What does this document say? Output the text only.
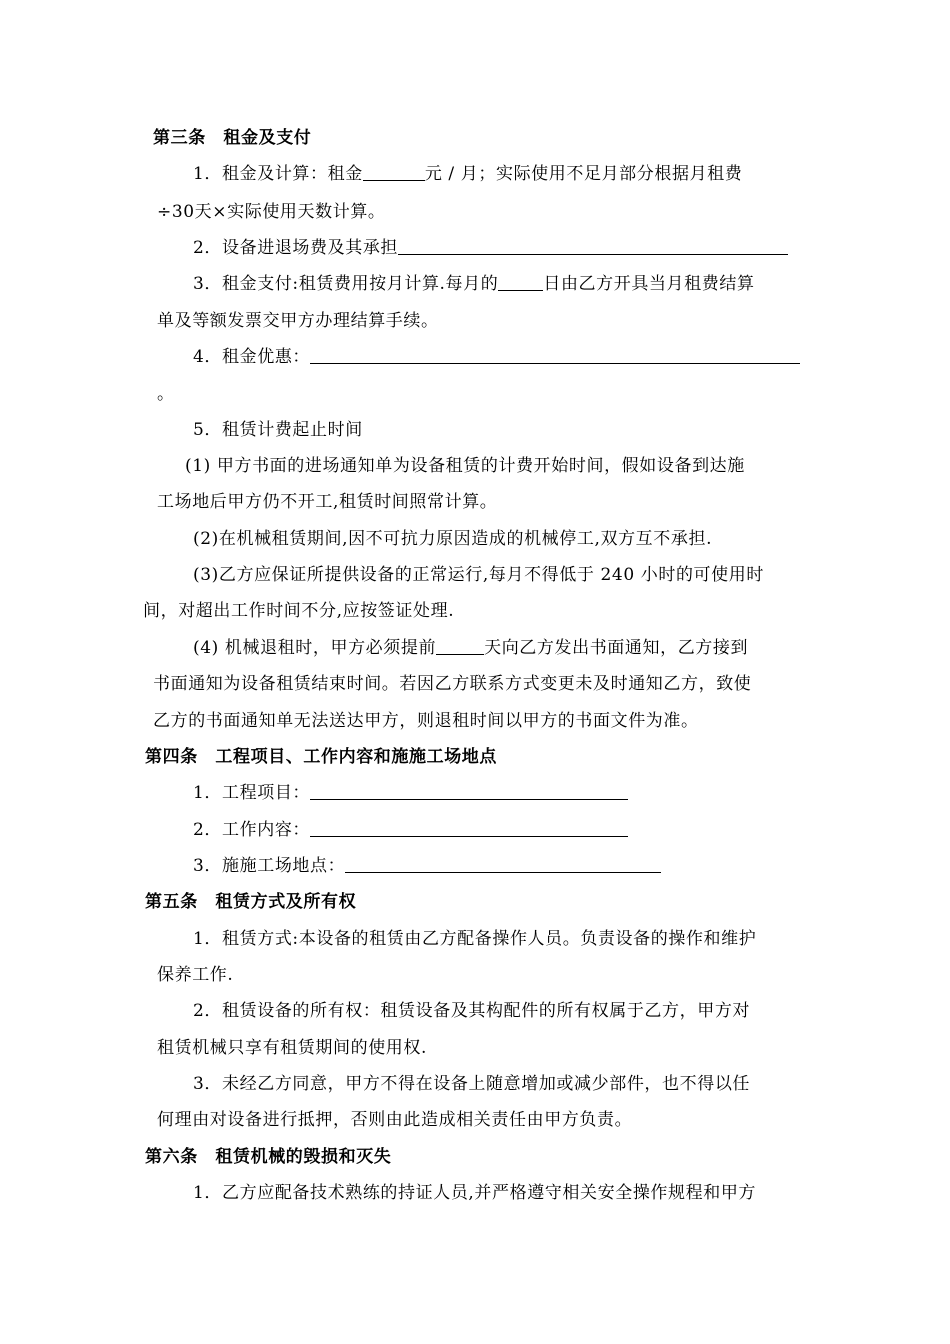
第三条　租金及支付
1．租金及计算：租金	元 / 月；实际使用不足月部分根据月租费
÷30天×实际使用天数计算。
2．设备进退场费及其承担
3．租金支付:租赁费用按月计算.每月的	日由乙方开具当月租费结算
单及等额发票交甲方办理结算手续。
4．租金优惠：
。
5．租赁计费起止时间
(1) 甲方书面的进场通知单为设备租赁的计费开始时间，假如设备到达施
工场地后甲方仍不开工,租赁时间照常计算。
(2)在机械租赁期间,因不可抗力原因造成的机械停工,双方互不承担.
(3)乙方应保证所提供设备的正常运行,每月不得低于 240 小时的可使用时
间，对超出工作时间不分,应按签证处理.
(4) 机械退租时，甲方必须提前	天向乙方发出书面通知，乙方接到
书面通知为设备租赁结束时间。若因乙方联系方式变更未及时通知乙方，致使
乙方的书面通知单无法送达甲方，则退租时间以甲方的书面文件为准。
第四条　工程项目、工作内容和施施工场地点
1．工程项目：
2．工作内容：
3．施施工场地点：
第五条　租赁方式及所有权
1．租赁方式:本设备的租赁由乙方配备操作人员。负责设备的操作和维护
保养工作.
2．租赁设备的所有权：租赁设备及其构配件的所有权属于乙方，甲方对
租赁机械只享有租赁期间的使用权.
3．未经乙方同意，甲方不得在设备上随意增加或减少部件，也不得以任
何理由对设备进行抵押，否则由此造成相关责任由甲方负责。
第六条　租赁机械的毁损和灭失
1．乙方应配备技术熟练的持证人员,并严格遵守相关安全操作规程和甲方
